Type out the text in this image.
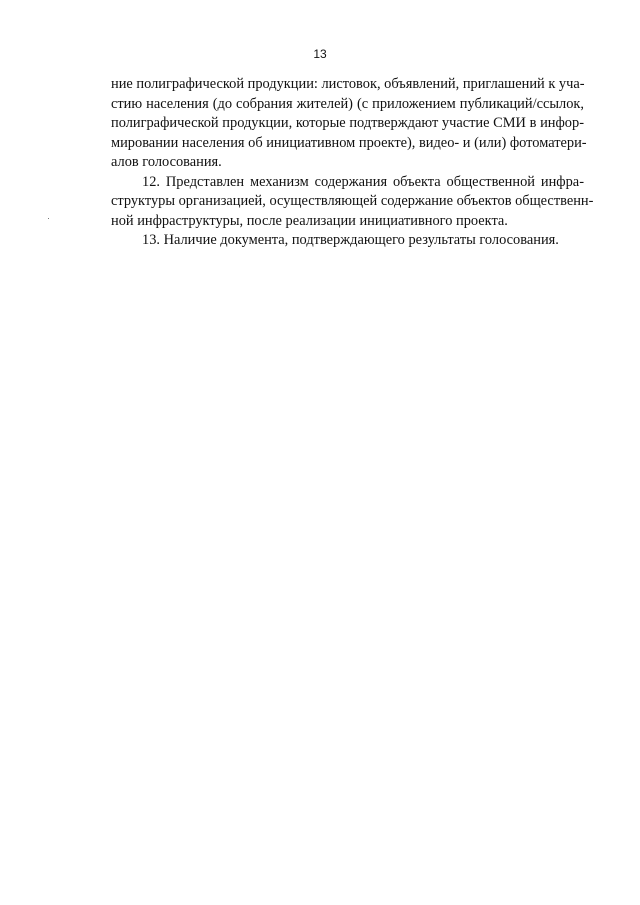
13
ние полиграфической продукции: листовок, объявлений, приглашений к уча-
стию населения (до собрания жителей) (с приложением публикаций/ссылок,
полиграфической продукции, которые подтверждают участие СМИ в инфор-
мировании населения об инициативном проекте), видео- и (или) фотоматери-
алов голосования.
12. Представлен механизм содержания объекта общественной инфра-
структуры организацией, осуществляющей содержание объектов общественн-
ной инфраструктуры, после реализации инициативного проекта.
13. Наличие документа, подтверждающего результаты голосования.
